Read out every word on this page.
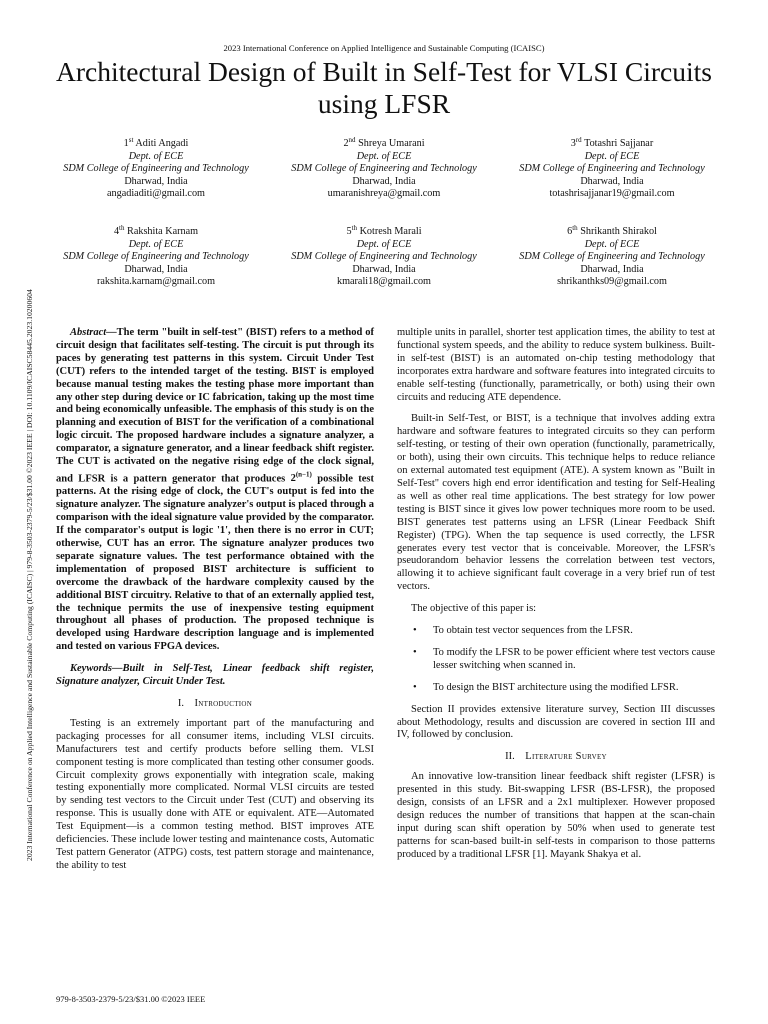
2023 International Conference on Applied Intelligence and Sustainable Computing (ICAISC)
Architectural Design of Built in Self-Test for VLSI Circuits using LFSR
2023 International Conference on Applied Intelligence and Sustainable Computing (ICAISC) | 979-8-3503-2379-5/23/$31.00 ©2023 IEEE | DOI: 10.1109/ICAISC58445.2023.10200604
1st Aditi Angadi
Dept. of ECE
SDM College of Engineering and Technology
Dharwad, India
angadiaditi@gmail.com
2nd Shreya Umarani
Dept. of ECE
SDM College of Engineering and Technology
Dharwad, India
umaranishreya@gmail.com
3rd Totashri Sajjanar
Dept. of ECE
SDM College of Engineering and Technology
Dharwad, India
totashrisajjanar19@gmail.com
4th Rakshita Karnam
Dept. of ECE
SDM College of Engineering and Technology
Dharwad, India
rakshita.karnam@gmail.com
5th Kotresh Marali
Dept. of ECE
SDM College of Engineering and Technology
Dharwad, India
kmarali18@gmail.com
6th Shrikanth Shirakol
Dept. of ECE
SDM College of Engineering and Technology
Dharwad, India
shrikanthks09@gmail.com

Abstract—The term "built in self-test" (BIST) refers to a method of circuit design that facilitates self-testing. The circuit is put through its paces by generating test patterns in this system. Circuit Under Test (CUT) refers to the intended target of the testing. BIST is employed because manual testing makes the testing phase more important than any other step during device or IC fabrication, taking up the most time and being economically unfeasible. The emphasis of this study is on the planning and execution of BIST for the verification of a combinational logic circuit. The proposed hardware includes a signature analyzer, a comparator, a signature generator, and a linear feedback shift register. The CUT is activated on the negative rising edge of the clock signal, and LFSR is a pattern generator that produces $2^{(n-1)}$ possible test patterns. At the rising edge of clock, the CUT's output is fed into the signature analyzer. The signature analyzer's output is placed through a comparison with the ideal signature value provided by the comparator. If the comparator's output is logic '1', then there is no error in CUT; otherwise, CUT has an error. The signature analyzer produces two separate signature values. The test performance obtained with the implementation of proposed BIST architecture is sufficient to overcome the drawback of the hardware complexity caused by the additional BIST circuitry. Relative to that of an externally applied test, the technique permits the use of inexpensive testing equipment throughout all phases of production. The proposed technique is developed using Hardware description language and is implemented and tested on various FPGA devices.

Keywords—Built in Self-Test, Linear feedback shift register, Signature analyzer, Circuit Under Test.

I. Introduction

Testing is an extremely important part of the manufacturing and packaging processes for all consumer items, including VLSI circuits. Manufacturers test and certify products before selling them. VLSI component testing is more complicated than testing other consumer goods. Circuit complexity grows exponentially with integration scale, making testing exponentially more complicated. Normal VLSI circuits are tested by sending test vectors to the Circuit under Test (CUT) and observing its response. This is usually done with ATE or equivalent. ATE—Automated Test Equipment—is a common testing method. BIST improves ATE deficiencies. These include lower testing and maintenance costs, Automatic Test pattern Generator (ATPG) costs, test pattern storage and maintenance, the ability to test

multiple units in parallel, shorter test application times, the ability to test at functional system speeds, and the ability to reduce system bulkiness. Built-in self-test (BIST) is an automated on-chip testing methodology that incorporates extra hardware and software features into integrated circuits to enable self-testing (functionally, parametrically, or both) using their own circuits and reducing ATE dependence.

Built-in Self-Test, or BIST, is a technique that involves adding extra hardware and software features to integrated circuits so they can perform self-testing, or testing of their own operation (functionally, parametrically, or both), using their own circuits. This technique helps to reduce reliance on external automated test equipment (ATE). A system known as "Built in Self-Test" covers high end error identification and testing for Self-Healing as well as other real time applications. The best strategy for low power testing is BIST since it gives low power techniques more room to be used. BIST generates test patterns using an LFSR (Linear Feedback Shift Register) (TPG). When the tap sequence is used correctly, the LFSR generates every test vector that is conceivable. Moreover, the LFSR's pseudorandom behavior lessens the correlation between test vectors, allowing it to achieve significant fault coverage in a very brief run of test vectors.

The objective of this paper is:

• To obtain test vector sequences from the LFSR.
• To modify the LFSR to be power efficient where test vectors cause lesser switching when scanned in.
• To design the BIST architecture using the modified LFSR.

Section II provides extensive literature survey, Section III discusses about Methodology, results and discussion are covered in section III and IV, followed by conclusion.

II. Literature Survey

An innovative low-transition linear feedback shift register (LFSR) is presented in this study. Bit-swapping LFSR (BS-LFSR), the proposed design, consists of an LFSR and a 2x1 multiplexer. However proposed design reduces the number of transitions that happen at the scan-chain input during scan shift operation by 50% when used to generate test patterns for scan-based built-in self-tests in comparison to those patterns produced by a traditional LFSR [1]. Mayank Shakya et al.

979-8-3503-2379-5/23/$31.00 ©2023 IEEE
